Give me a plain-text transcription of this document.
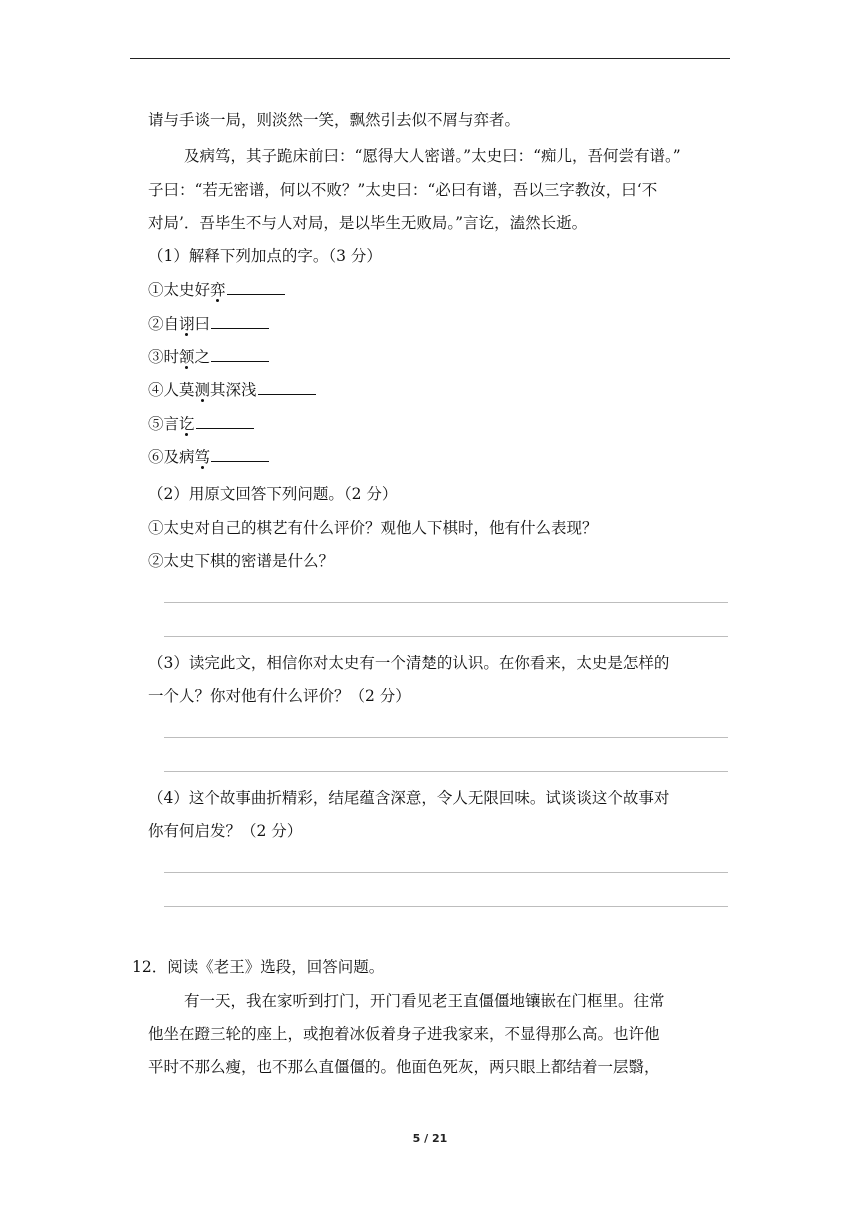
请与手谈一局，则淡然一笑，飘然引去似不屑与弈者。
及病笃，其子跪床前曰：“愿得大人密谱。”太史曰：“痴儿，吾何尝有谱。”
子曰：“若无密谱，何以不败？”太史曰：“必曰有谱，吾以三字教汝，曰‘不
对局’．吾毕生不与人对局，是以毕生无败局。”言讫，溘然长逝。
（1）解释下列加点的字。（3 分）
①太史好弈
②自诩曰
③时颔之
④人莫测其深浅
⑤言讫
⑥及病笃
（2）用原文回答下列问题。（2 分）
①太史对自己的棋艺有什么评价？观他人下棋时，他有什么表现？
②太史下棋的密谱是什么？
（3）读完此文，相信你对太史有一个清楚的认识。在你看来，太史是怎样的
一个人？你对他有什么评价？（2 分）
（4）这个故事曲折精彩，结尾蕴含深意，令人无限回味。试谈谈这个故事对
你有何启发？（2 分）
12．阅读《老王》选段，回答问题。
有一天，我在家听到打门，开门看见老王直僵僵地镶嵌在门框里。往常
他坐在蹬三轮的座上，或抱着冰仮着身子进我家来，不显得那么高。也许他
平时不那么瘦，也不那么直僵僵的。他面色死灰，两只眼上都结着一层翳，
5 / 21
